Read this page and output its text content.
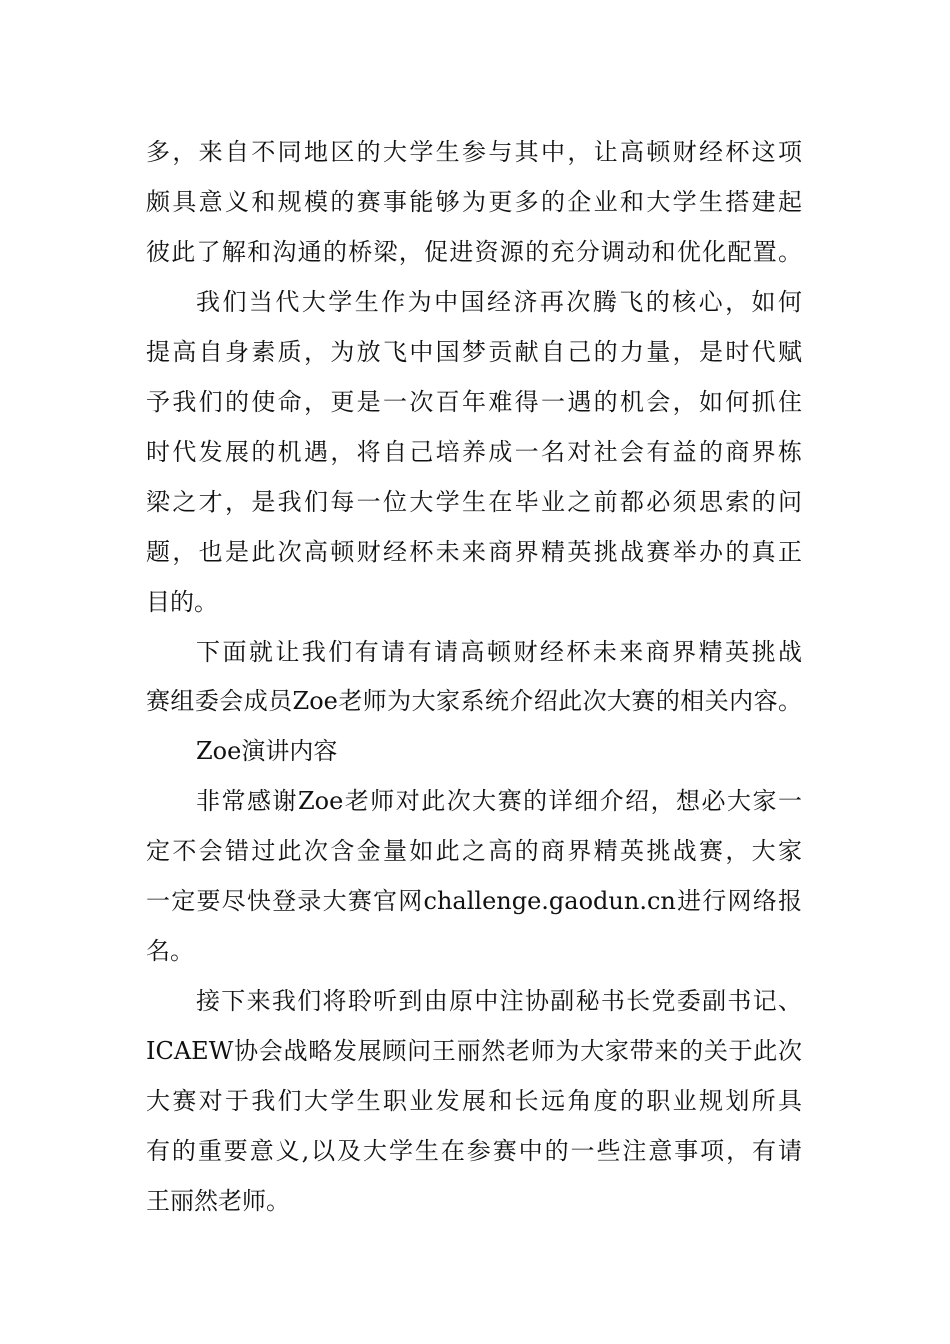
多，来自不同地区的大学生参与其中，让高顿财经杯这项
颇具意义和规模的赛事能够为更多的企业和大学生搭建起
彼此了解和沟通的桥梁，促进资源的充分调动和优化配置。
我们当代大学生作为中国经济再次腾飞的核心，如何
提高自身素质，为放飞中国梦贡献自己的力量，是时代赋
予我们的使命，更是一次百年难得一遇的机会，如何抓住
时代发展的机遇，将自己培养成一名对社会有益的商界栋
梁之才，是我们每一位大学生在毕业之前都必须思索的问
题，也是此次高顿财经杯未来商界精英挑战赛举办的真正
目的。
下面就让我们有请有请高顿财经杯未来商界精英挑战
赛组委会成员Zoe老师为大家系统介绍此次大赛的相关内容。
Zoe演讲内容
非常感谢Zoe老师对此次大赛的详细介绍，想必大家一
定不会错过此次含金量如此之高的商界精英挑战赛，大家
一定要尽快登录大赛官网challenge.gaodun.cn进行网络报
名。
接下来我们将聆听到由原中注协副秘书长党委副书记、
ICAEW协会战略发展顾问王丽然老师为大家带来的关于此次
大赛对于我们大学生职业发展和长远角度的职业规划所具
有的重要意义,以及大学生在参赛中的一些注意事项，有请
王丽然老师。
